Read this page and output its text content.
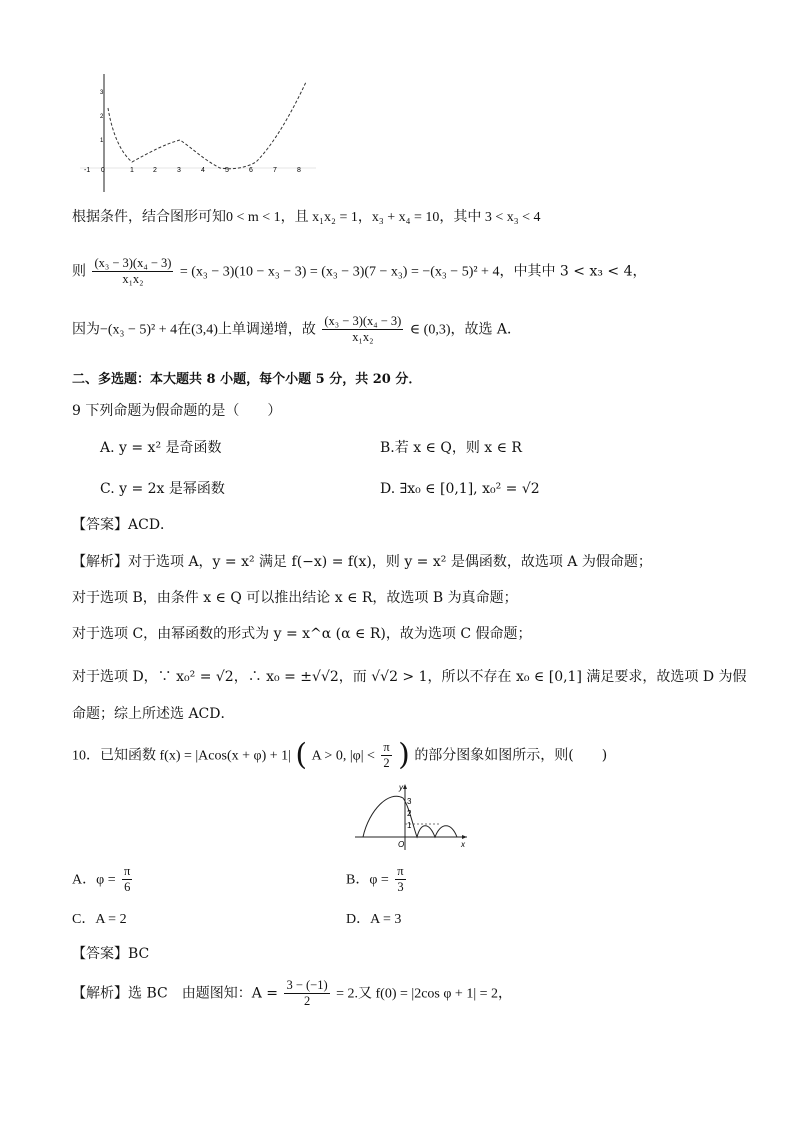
-1 0	1	2	3	4	5	6	7	8
3
2
1
根据条件，结合图形可知0 < m < 1，且 x₁x₂ = 1，x₃ + x₄ = 10，其中 3 < x₃ < 4
则 $\frac{\text{(x₃ − 3)(x₄ − 3)}}{\text{x₁x₂}} = (x_3 - 3)(10 - x_3 - 3) = (x_3 - 3)(7 - x_3) = -(x_3 - 5)^2 + 4$，中其中 3 < x₃ < 4，
因为−(x₃ − 5)² + 4在(3,4)上单调递增，故 $\frac{\text{(x₃ − 3)(x₄ − 3)}}{\text{x₁x₂}}$ ∈ (0,3)，故选 A．
二、多选题：本大题共 8 小题，每个小题 5 分，共 20 分．
9 下列命题为假命题的是（　　）
A. y = x² 是奇函数	B.若 x ∈ Q，则 x ∈ R
C. y = 2x 是幂函数	D. ∃x₀ ∈ [0,1], x₀² = √2
【答案】ACD．
【解析】对于选项 A，y = x² 满足 f(−x) = f(x)，则 y = x² 是偶函数，故选项 A 为假命题；
对于选项 B，由条件 x ∈ Q 可以推出结论 x ∈ R，故选项 B 为真命题；
对于选项 C，由幂函数的形式为 y = x^α (α ∈ R)，故为选项 C 假命题；
对于选项 D，∵ x₀² = √2，∴ x₀ = ±√√2，而 √√2 > 1，所以不存在 x₀ ∈ [0,1] 满足要求，故选项 D 为假
命题；综上所述选 ACD．
10．已知函数 f(x) = |Acos(x + φ) + 1| ( A > 0, $|\varphi| < \frac{\pi}{2}$ ) 的部分图象如图所示，则(　　)
y
x
O
3
2
1
A．$\varphi = \frac{\pi}{6}$	B．$\varphi = \frac{\pi}{3}$
C．A = 2	D．A = 3
【答案】BC
【解析】选 BC　由题图知：$A = \frac{3 - (-1)}{2} = 2$.又 f(0) = |2cos φ + 1| = 2，
